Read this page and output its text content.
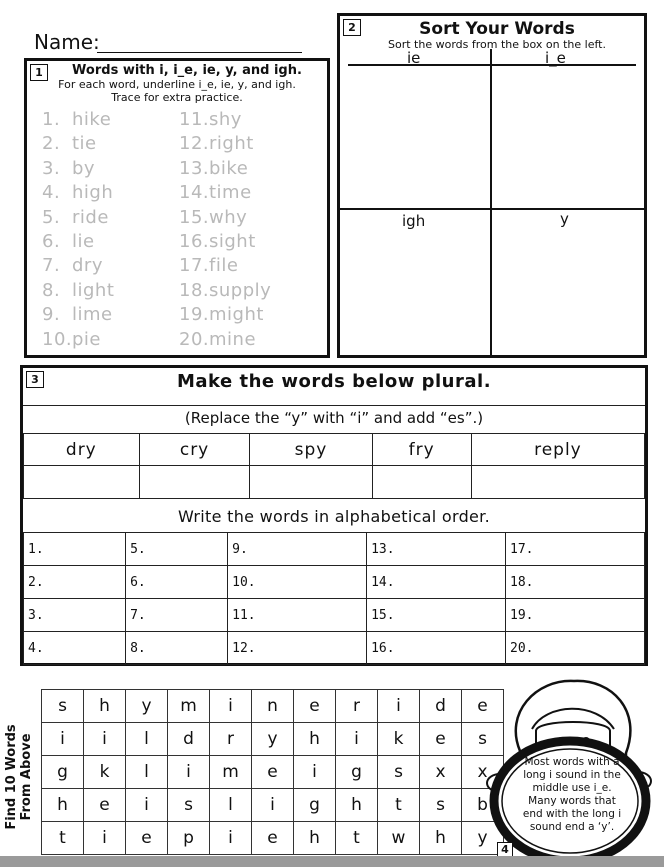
Name:
1	Words with i, i_e, ie, y, and igh.
For each word, underline i_e, ie, y, and igh.
Trace for extra practice.
1. hike
2. tie
3. by
4. high
5. ride
6. lie
7. dry
8. light
9. lime
10.pie
11.shy
12.right
13.bike
14.time
15.why
16.sight
17.file
18.supply
19.might
20.mine
2	Sort Your Words
Sort the words from the box on the left.
ie	i_e
igh	y
3	Make the words below plural.
(Replace the “y” with “i” and add “es”.)
dry	cry	spy	fry	reply

Write the words in alphabetical order.
1.	5.	9.	13.	17.
2.	6.	10.	14.	18.
3.	7.	11.	15.	19.
4.	8.	12.	16.	20.
Find 10 Words From Above
s	h	y	m	i	n	e	r	i	d	e
i	i	l	d	r	y	h	i	k	e	s
g	k	l	i	m	e	i	g	s	x	x
h	e	i	s	l	i	g	h	t	s	b
t	i	e	p	i	e	h	t	w	h	y
Most words with a long i sound in the middle use i_e. Many words that end with the long i sound end a ‘y’.
4
